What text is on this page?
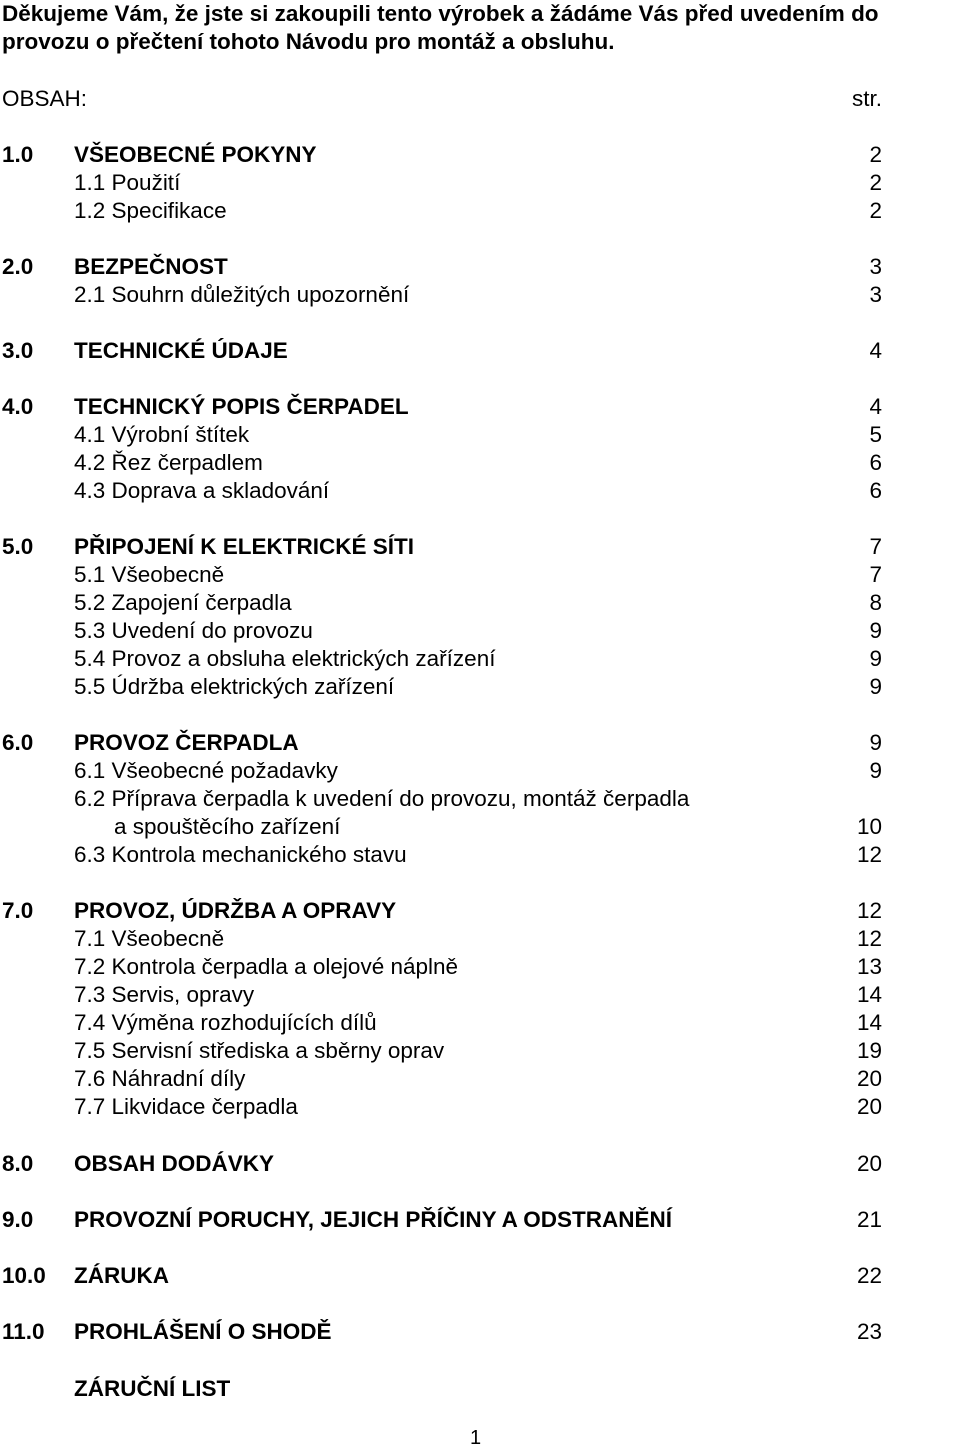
Děkujeme Vám, že jste si zakoupili tento výrobek a žádáme Vás před uvedením do provozu o přečtení tohoto Návodu pro montáž a obsluhu.

OBSAH:	str.
1.0 VŠEOBECNÉ POKYNY	2
1.1 Použití	2
1.2 Specifikace	2
2.0 BEZPEČNOST	3
2.1 Souhrn důležitých upozornění	3
3.0 TECHNICKÉ ÚDAJE	4
4.0 TECHNICKÝ POPIS ČERPADEL	4
4.1 Výrobní štítek	5
4.2 Řez čerpadlem	6
4.3 Doprava a skladování	6
5.0 PŘIPOJENÍ K ELEKTRICKÉ SÍTI	7
5.1 Všeobecně	7
5.2 Zapojení čerpadla	8
5.3 Uvedení do provozu	9
5.4 Provoz a obsluha elektrických zařízení	9
5.5 Údržba elektrických zařízení	9
6.0 PROVOZ ČERPADLA	9
6.1 Všeobecné požadavky	9
6.2 Příprava čerpadla k uvedení do provozu, montáž čerpadla
a spouštěcího zařízení	10
6.3 Kontrola mechanického stavu	12
7.0 PROVOZ, ÚDRŽBA A OPRAVY	12
7.1 Všeobecně	12
7.2 Kontrola čerpadla a olejové náplně	13
7.3 Servis, opravy	14
7.4 Výměna rozhodujících dílů	14
7.5 Servisní střediska a sběrny oprav	19
7.6 Náhradní díly	20
7.7 Likvidace čerpadla	20
8.0 OBSAH DODÁVKY	20
9.0 PROVOZNÍ PORUCHY, JEJICH PŘÍČINY A ODSTRANĚNÍ	21
10.0 ZÁRUKA	22
11.0 PROHLÁŠENÍ O SHODĚ	23
ZÁRUČNÍ LIST
1
